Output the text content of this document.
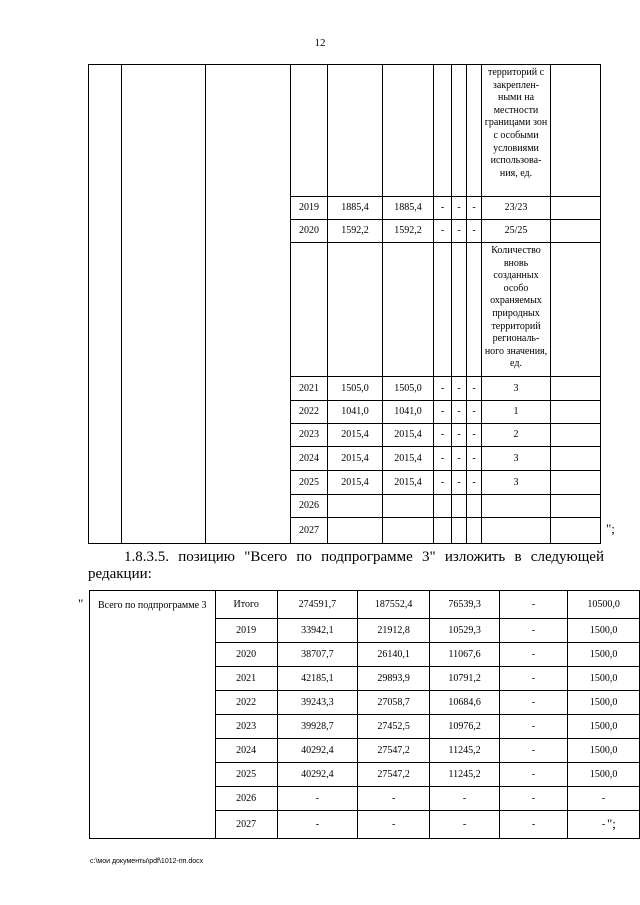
12
									территорий с закреплен- ными на местности границами зон с особыми условиями использова- ния, ед.	
			2019	1885,4	1885,4	-	-	-	23/23	
			2020	1592,2	1592,2	-	-	-	25/25	
									Количество вновь созданных особо охраняемых природных территорий региональ- ного значения, ед.	
			2021	1505,0	1505,0	-	-	-	3	
			2022	1041,0	1041,0	-	-	-	1	
			2023	2015,4	2015,4	-	-	-	2	
			2024	2015,4	2015,4	-	-	-	3	
			2025	2015,4	2015,4	-	-	-	3	
			2026							
			2027								";
1.8.3.5. позицию "Всего по подпрограмме 3" изложить в следующей редакции:
" Всего по подпрограмме 3	Итого	274591,7	187552,4	76539,3	-	10500,0
	2019	33942,1	21912,8	10529,3	-	1500,0
	2020	38707,7	26140,1	11067,6	-	1500,0
	2021	42185,1	29893,9	10791,2	-	1500,0
	2022	39243,3	27058,7	10684,6	-	1500,0
	2023	39928,7	27452,5	10976,2	-	1500,0
	2024	40292,4	27547,2	11245,2	-	1500,0
	2025	40292,4	27547,2	11245,2	-	1500,0
	2026	-	-	-	-	-
	2027	-	-	-	-	- ";
c:\мои документы\pdf\1012-пп.docx
